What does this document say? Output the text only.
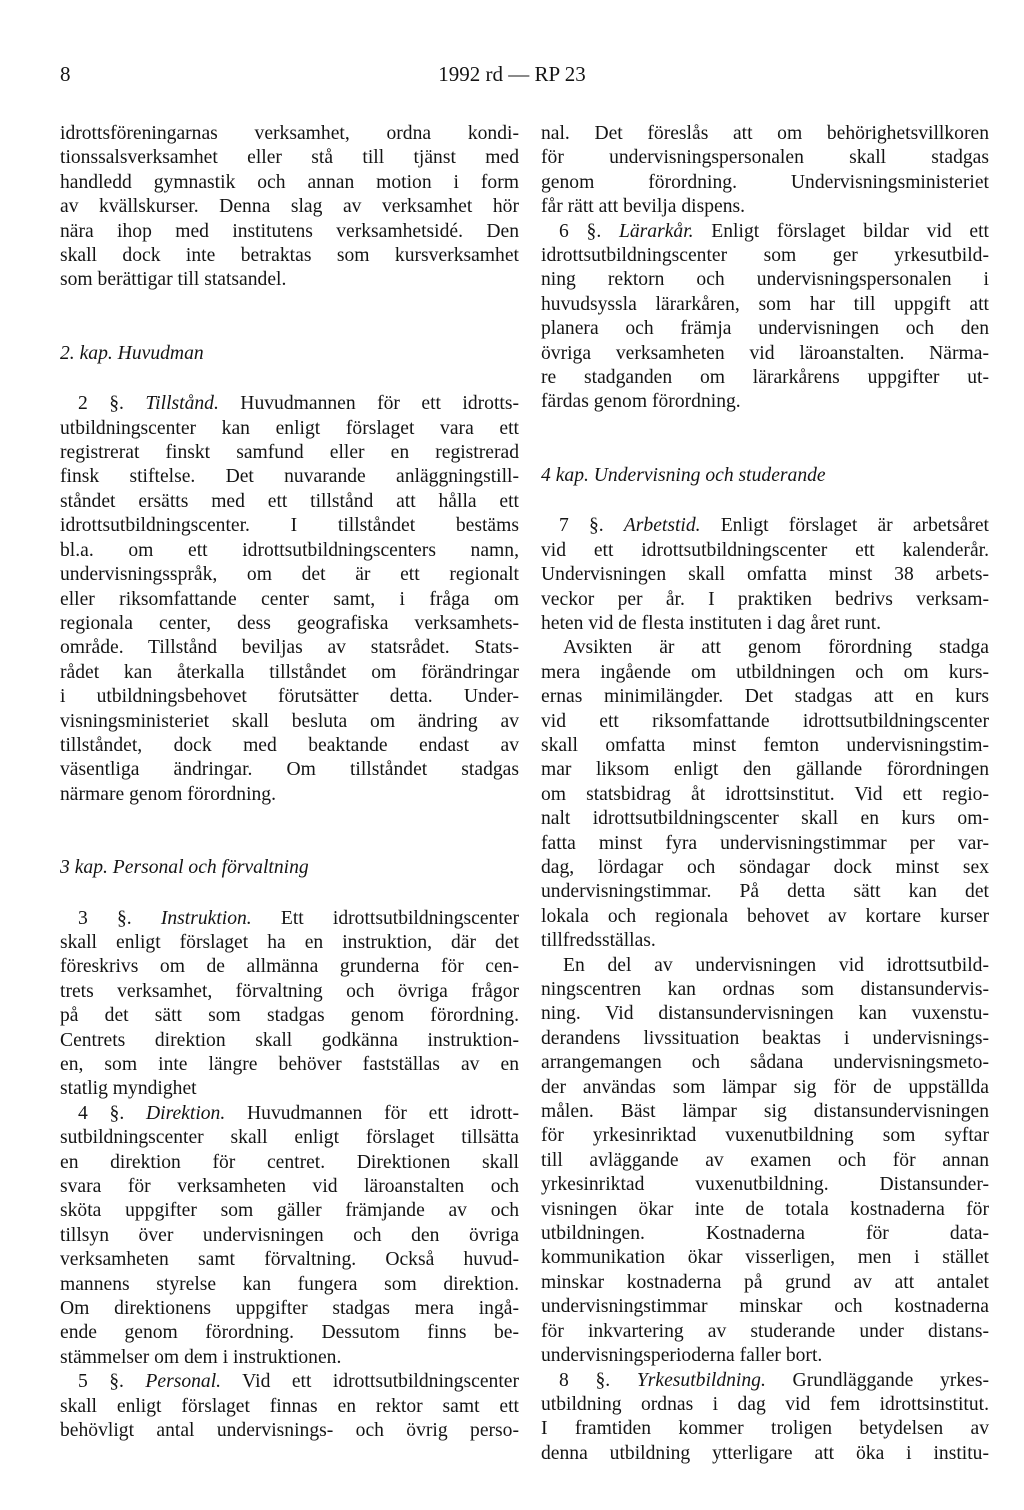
8	1992 rd — RP 23

idrottsföreningarnas verksamhet, ordna kondi-
tionssalsverksamhet eller stå till tjänst med
handledd gymnastik och annan motion i form
av kvällskurser. Denna slag av verksamhet hör
nära ihop med institutens verksamhetsidé. Den
skall dock inte betraktas som kursverksamhet
som berättigar till statsandel.

2. kap. Huvudman

2 §. Tillstånd. Huvudmannen för ett idrotts-
utbildningscenter kan enligt förslaget vara ett
registrerat finskt samfund eller en registrerad
finsk stiftelse. Det nuvarande anläggningstill-
ståndet ersätts med ett tillstånd att hålla ett
idrottsutbildningscenter. I tillståndet bestäms
bl.a. om ett idrottsutbildningscenters namn,
undervisningsspråk, om det är ett regionalt
eller riksomfattande center samt, i fråga om
regionala center, dess geografiska verksamhets-
område. Tillstånd beviljas av statsrådet. Stats-
rådet kan återkalla tillståndet om förändringar
i utbildningsbehovet förutsätter detta. Under-
visningsministeriet skall besluta om ändring av
tillståndet, dock med beaktande endast av
väsentliga ändringar. Om tillståndet stadgas
närmare genom förordning.

3 kap. Personal och förvaltning

3 §. Instruktion. Ett idrottsutbildningscenter
skall enligt förslaget ha en instruktion, där det
föreskrivs om de allmänna grunderna för cen-
trets verksamhet, förvaltning och övriga frågor
på det sätt som stadgas genom förordning.
Centrets direktion skall godkänna instruktion-
en, som inte längre behöver fastställas av en
statlig myndighet

4 §. Direktion. Huvudmannen för ett idrott-
sutbildningscenter skall enligt förslaget tillsätta
en direktion för centret. Direktionen skall
svara för verksamheten vid läroanstalten och
sköta uppgifter som gäller främjande av och
tillsyn över undervisningen och den övriga
verksamheten samt förvaltning. Också huvud-
mannens styrelse kan fungera som direktion.
Om direktionens uppgifter stadgas mera ingå-
ende genom förordning. Dessutom finns be-
stämmelser om dem i instruktionen.

5 §. Personal. Vid ett idrottsutbildningscenter
skall enligt förslaget finnas en rektor samt ett
behövligt antal undervisnings- och övrig perso-

nal. Det föreslås att om behörighetsvillkoren
för undervisningspersonalen skall stadgas
genom förordning. Undervisningsministeriet
får rätt att bevilja dispens.

6 §. Lärarkår. Enligt förslaget bildar vid ett
idrottsutbildningscenter som ger yrkesutbild-
ning rektorn och undervisningspersonalen i
huvudsyssla lärarkåren, som har till uppgift att
planera och främja undervisningen och den
övriga verksamheten vid läroanstalten. Närma-
re stadganden om lärarkårens uppgifter ut-
färdas genom förordning.

4 kap. Undervisning och studerande

7 §. Arbetstid. Enligt förslaget är arbetsåret
vid ett idrottsutbildningscenter ett kalenderår.
Undervisningen skall omfatta minst 38 arbets-
veckor per år. I praktiken bedrivs verksam-
heten vid de flesta instituten i dag året runt.

Avsikten är att genom förordning stadga
mera ingående om utbildningen och om kurs-
ernas minimilängder. Det stadgas att en kurs
vid ett riksomfattande idrottsutbildningscenter
skall omfatta minst femton undervisningstim-
mar liksom enligt den gällande förordningen
om statsbidrag åt idrottsinstitut. Vid ett regio-
nalt idrottsutbildningscenter skall en kurs om-
fatta minst fyra undervisningstimmar per var-
dag, lördagar och söndagar dock minst sex
undervisningstimmar. På detta sätt kan det
lokala och regionala behovet av kortare kurser
tillfredsställas.

En del av undervisningen vid idrottsutbild-
ningscentren kan ordnas som distansundervis-
ning. Vid distansundervisningen kan vuxenstu-
derandens livssituation beaktas i undervisnings-
arrangemangen och sådana undervisningsmeto-
der användas som lämpar sig för de uppställda
målen. Bäst lämpar sig distansundervisningen
för yrkesinriktad vuxenutbildning som syftar
till avläggande av examen och för annan
yrkesinriktad vuxenutbildning. Distansunder-
visningen ökar inte de totala kostnaderna för
utbildningen. Kostnaderna för data-
kommunikation ökar visserligen, men i stället
minskar kostnaderna på grund av att antalet
undervisningstimmar minskar och kostnaderna
för inkvartering av studerande under distans-
undervisningsperioderna faller bort.

8 §. Yrkesutbildning. Grundläggande yrkes-
utbildning ordnas i dag vid fem idrottsinstitut.
I framtiden kommer troligen betydelsen av
denna utbildning ytterligare att öka i institu-
